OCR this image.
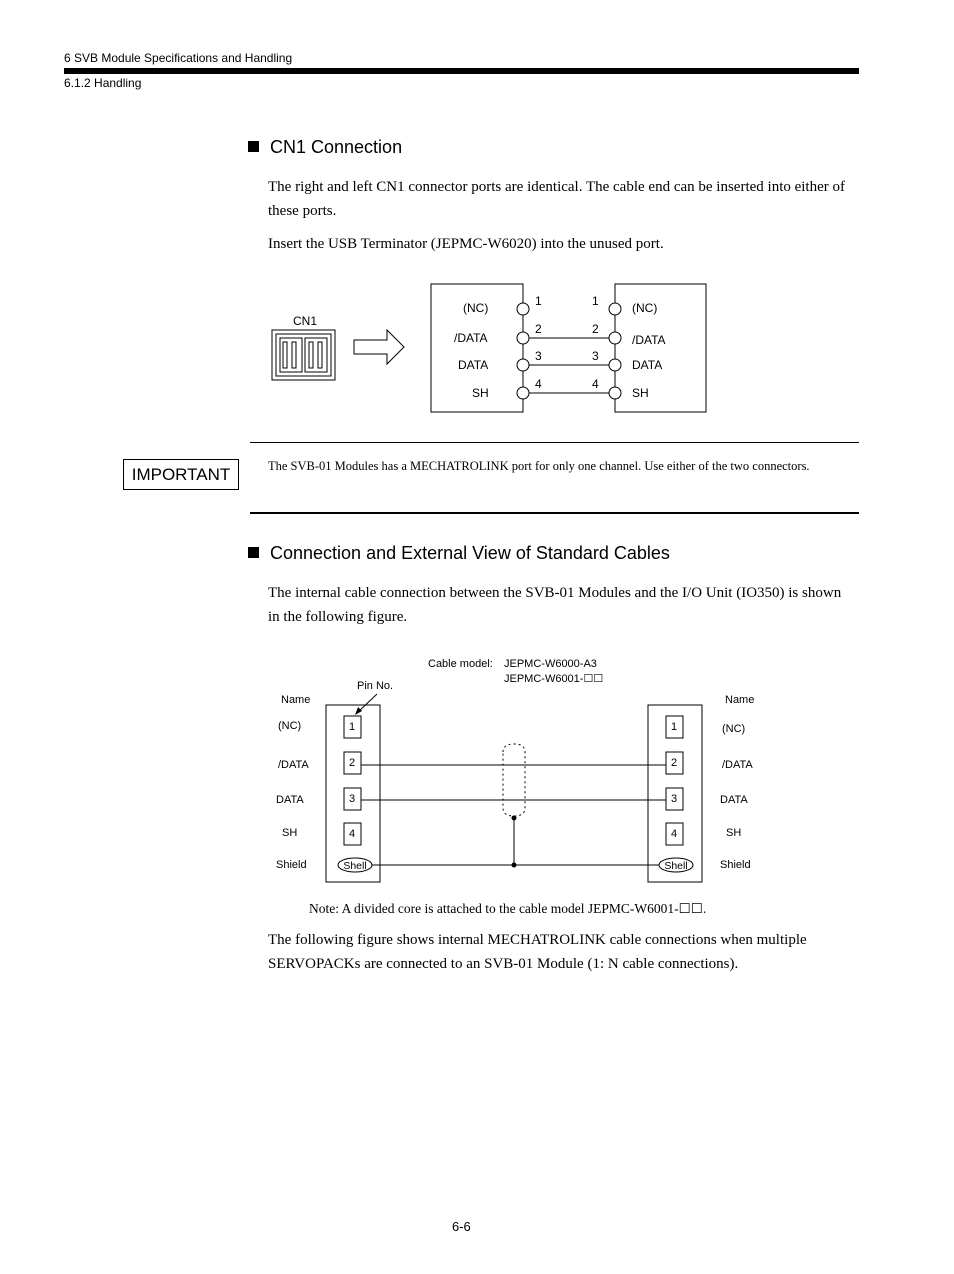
6 SVB Module Specifications and Handling
6.1.2 Handling
CN1 Connection
The right and left CN1 connector ports are identical. The cable end can be inserted into either of these ports.
Insert the USB Terminator (JEPMC-W6020) into the unused port.
CN1
(NC)
/DATA
DATA
SH
(NC)
/DATA
DATA
SH
1
2
3
4
1
2
3
4
Cable model: JEPMC-W6000-A3
JEPMC-W6001-☐☐
Pin No.
Name	Name
1
2
3
4
1
2
3
4
Shell	Shell
(NC)
/DATA
DATA
SH
Shield
(NC)
/DATA
DATA
SH
Shield
IMPORTANT	The SVB-01 Modules has a MECHATROLINK port for only one channel. Use either of the two connectors.
Connection and External View of Standard Cables
The internal cable connection between the SVB-01 Modules and the I/O Unit (IO350) is shown in the following figure.
Note: A divided core is attached to the cable model JEPMC-W6001-☐☐.
The following figure shows internal MECHATROLINK cable connections when multiple SERVOPACKs are connected to an SVB-01 Module (1: N cable connections).
6-6
